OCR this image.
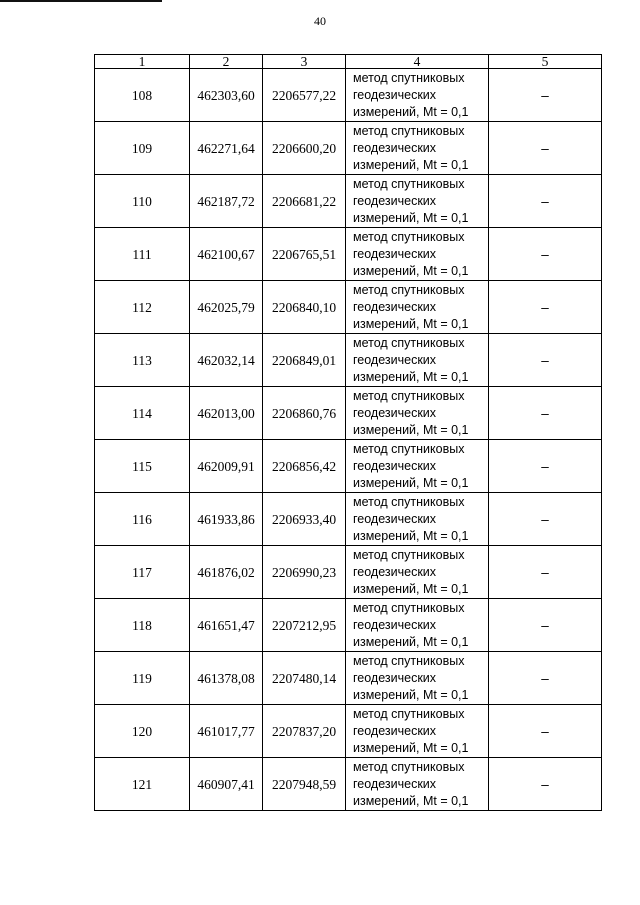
40
1	2	3	4	5
108	462303,60	2206577,22	метод спутниковых
геодезических
измерений, Mt = 0,1	–
109	462271,64	2206600,20	метод спутниковых
геодезических
измерений, Mt = 0,1	–
110	462187,72	2206681,22	метод спутниковых
геодезических
измерений, Mt = 0,1	–
111	462100,67	2206765,51	метод спутниковых
геодезических
измерений, Mt = 0,1	–
112	462025,79	2206840,10	метод спутниковых
геодезических
измерений, Mt = 0,1	–
113	462032,14	2206849,01	метод спутниковых
геодезических
измерений, Mt = 0,1	–
114	462013,00	2206860,76	метод спутниковых
геодезических
измерений, Mt = 0,1	–
115	462009,91	2206856,42	метод спутниковых
геодезических
измерений, Mt = 0,1	–
116	461933,86	2206933,40	метод спутниковых
геодезических
измерений, Mt = 0,1	–
117	461876,02	2206990,23	метод спутниковых
геодезических
измерений, Mt = 0,1	–
118	461651,47	2207212,95	метод спутниковых
геодезических
измерений, Mt = 0,1	–
119	461378,08	2207480,14	метод спутниковых
геодезических
измерений, Mt = 0,1	–
120	461017,77	2207837,20	метод спутниковых
геодезических
измерений, Mt = 0,1	–
121	460907,41	2207948,59	метод спутниковых
геодезических
измерений, Mt = 0,1	–
